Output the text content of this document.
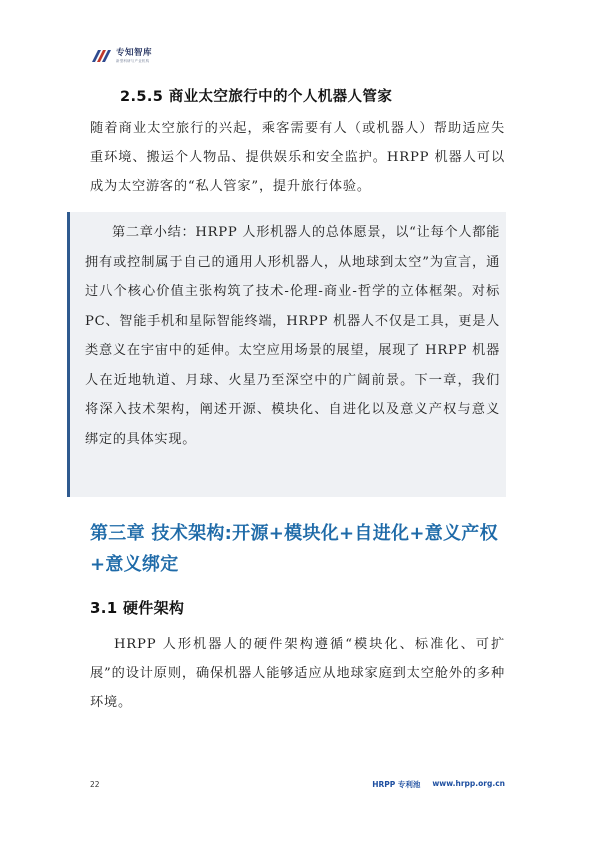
专知智库
新型科研与产业机构
2.5.5 商业太空旅行中的个人机器人管家

随着商业太空旅行的兴起，乘客需要有人（或机器人）帮助适应失重环境、搬运个人物品、提供娱乐和安全监护。HRPP 机器人可以成为太空游客的“私人管家”，提升旅行体验。

第二章小结：HRPP 人形机器人的总体愿景，以“让每个人都能拥有或控制属于自己的通用人形机器人，从地球到太空”为宣言，通过八个核心价值主张构筑了技术-伦理-商业-哲学的立体框架。对标 PC、智能手机和星际智能终端，HRPP 机器人不仅是工具，更是人类意义在宇宙中的延伸。太空应用场景的展望，展现了 HRPP 机器人在近地轨道、月球、火星乃至深空中的广阔前景。下一章，我们将深入技术架构，阐述开源、模块化、自进化以及意义产权与意义绑定的具体实现。

第三章 技术架构:开源+模块化+自进化+意义产权+意义绑定
3.1 硬件架构

HRPP 人形机器人的硬件架构遵循“模块化、标准化、可扩展”的设计原则，确保机器人能够适应从地球家庭到太空舱外的多种环境。

22	HRPP 专利池 www.hrpp.org.cn
